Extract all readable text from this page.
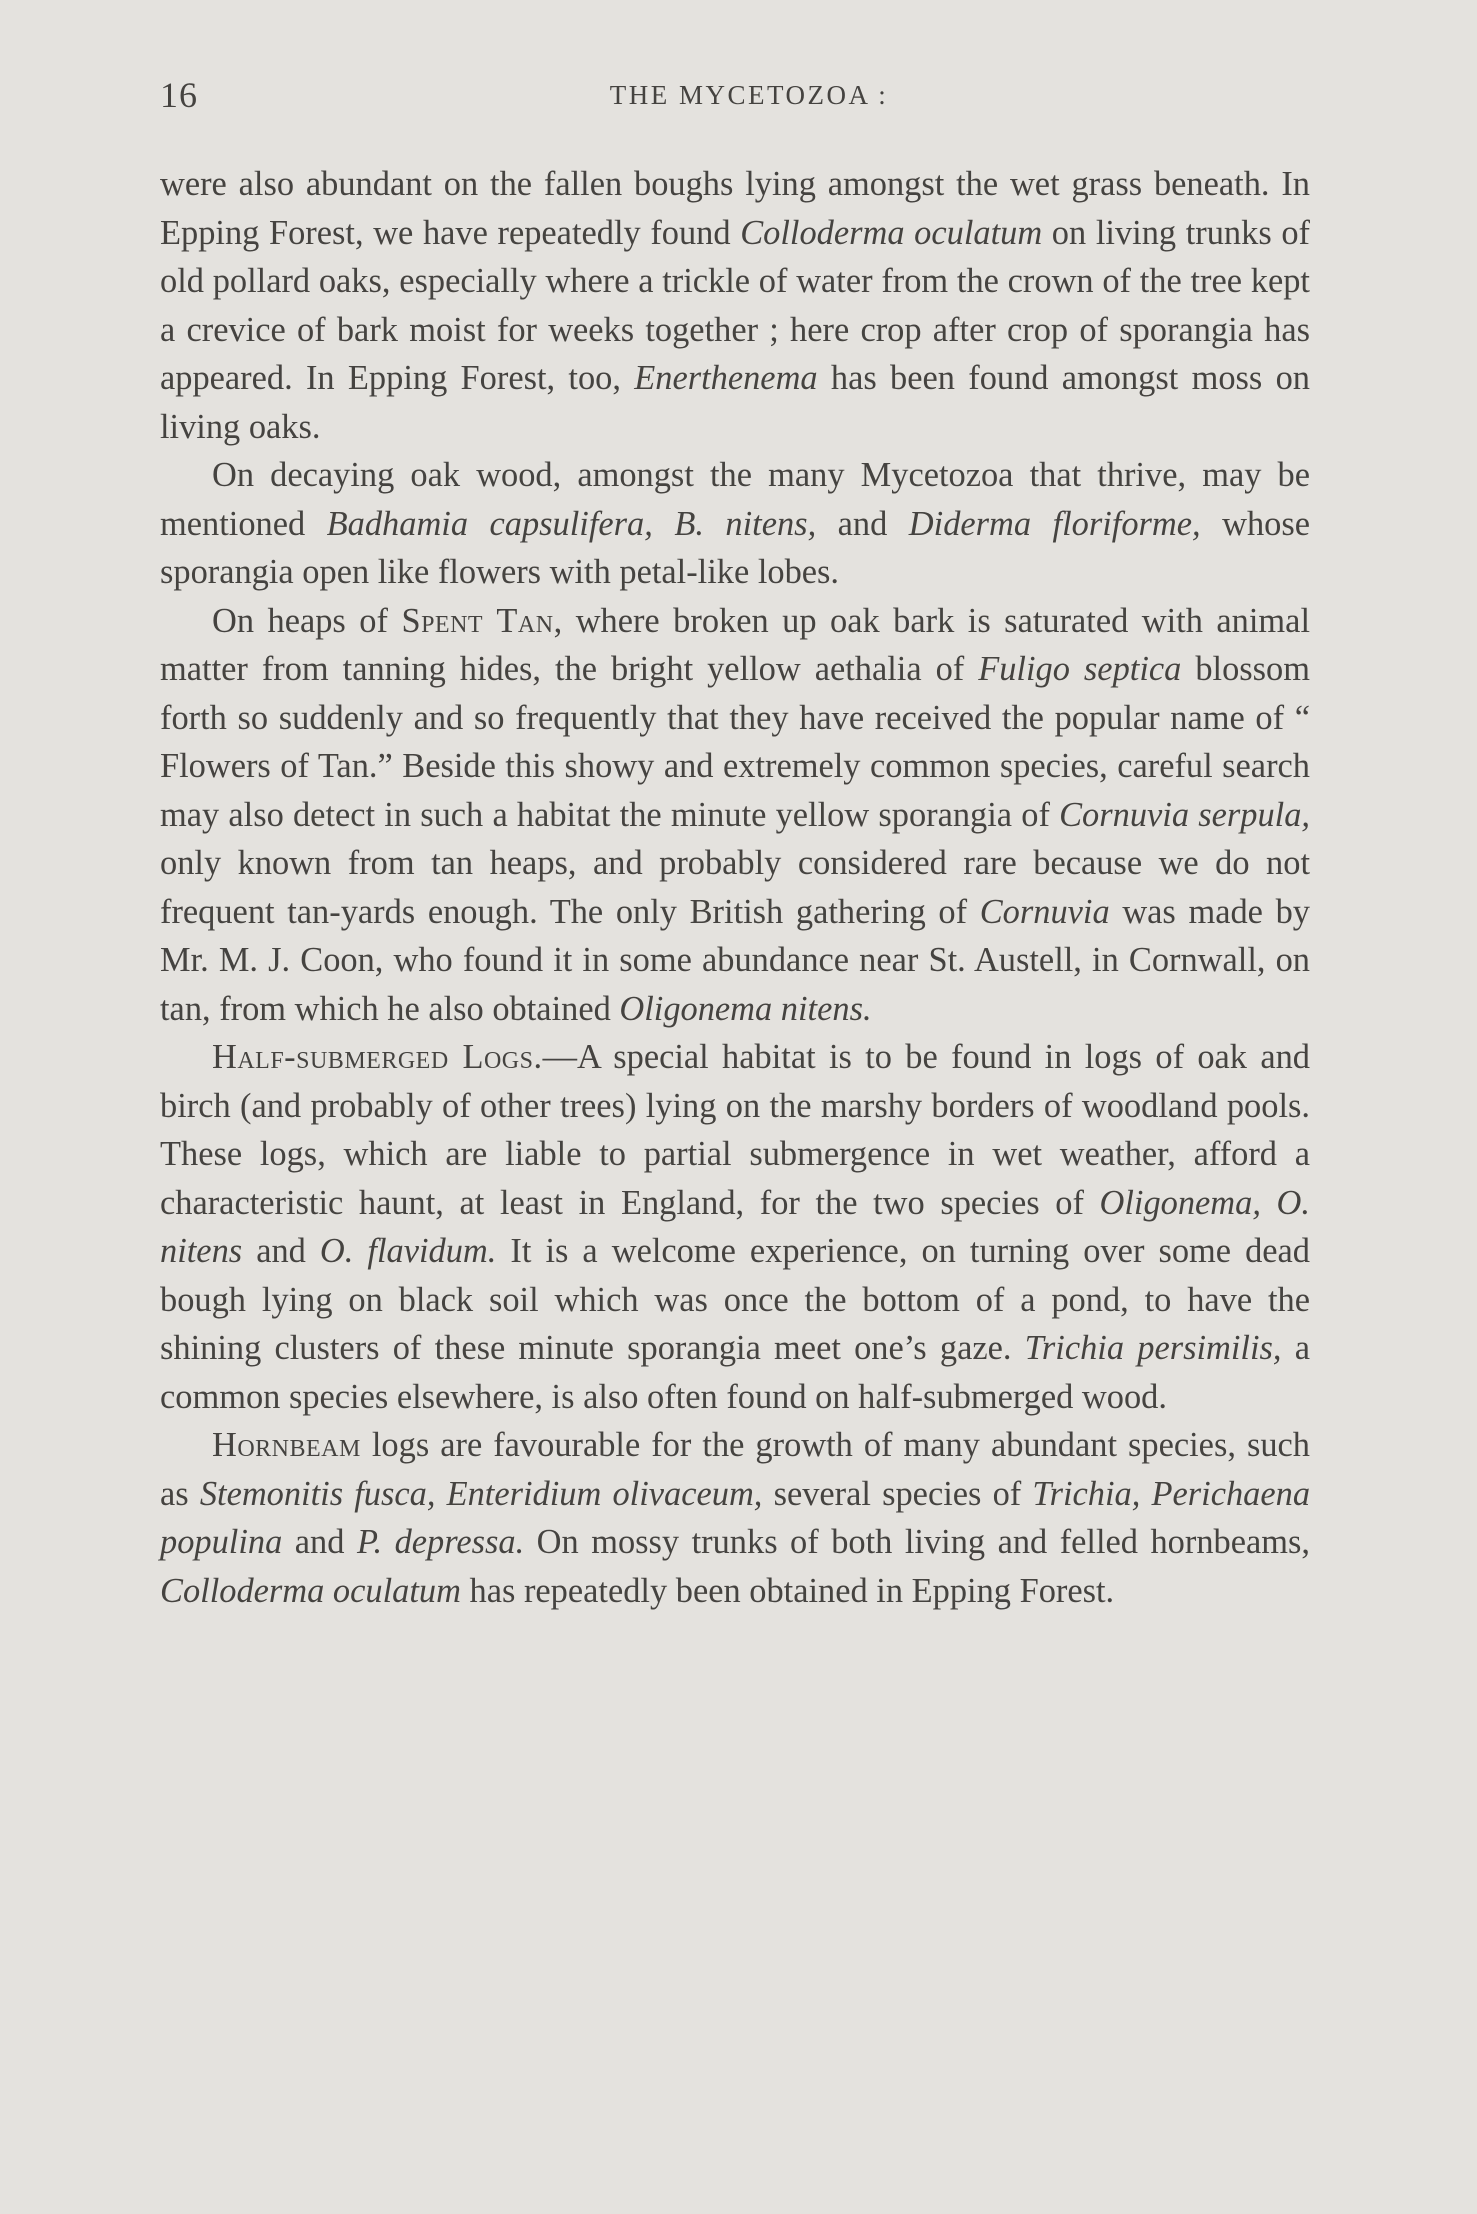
16	THE MYCETOZOA :

were also abundant on the fallen boughs lying amongst the wet grass beneath. In Epping Forest, we have repeatedly found Colloderma oculatum on living trunks of old pollard oaks, especially where a trickle of water from the crown of the tree kept a crevice of bark moist for weeks together ; here crop after crop of sporangia has appeared. In Epping Forest, too, Enerthenema has been found amongst moss on living oaks.

On decaying oak wood, amongst the many Mycetozoa that thrive, may be mentioned Badhamia capsulifera, B. nitens, and Diderma floriforme, whose sporangia open like flowers with petal-like lobes.

On heaps of Spent Tan, where broken up oak bark is saturated with animal matter from tanning hides, the bright yellow aethalia of Fuligo septica blossom forth so suddenly and so frequently that they have received the popular name of “ Flowers of Tan.” Beside this showy and extremely common species, careful search may also detect in such a habitat the minute yellow sporangia of Cornuvia serpula, only known from tan heaps, and probably considered rare because we do not frequent tan-yards enough. The only British gathering of Cornuvia was made by Mr. M. J. Coon, who found it in some abundance near St. Austell, in Cornwall, on tan, from which he also obtained Oligonema nitens.

Half-submerged Logs.—A special habitat is to be found in logs of oak and birch (and probably of other trees) lying on the marshy borders of woodland pools. These logs, which are liable to partial submergence in wet weather, afford a characteristic haunt, at least in England, for the two species of Oligonema, O. nitens and O. flavidum. It is a welcome experience, on turning over some dead bough lying on black soil which was once the bottom of a pond, to have the shining clusters of these minute sporangia meet one’s gaze. Trichia persimilis, a common species elsewhere, is also often found on half-submerged wood.

Hornbeam logs are favourable for the growth of many abundant species, such as Stemonitis fusca, Enteridium olivaceum, several species of Trichia, Perichaena populina and P. depressa. On mossy trunks of both living and felled hornbeams, Colloderma oculatum has repeatedly been obtained in Epping Forest.
